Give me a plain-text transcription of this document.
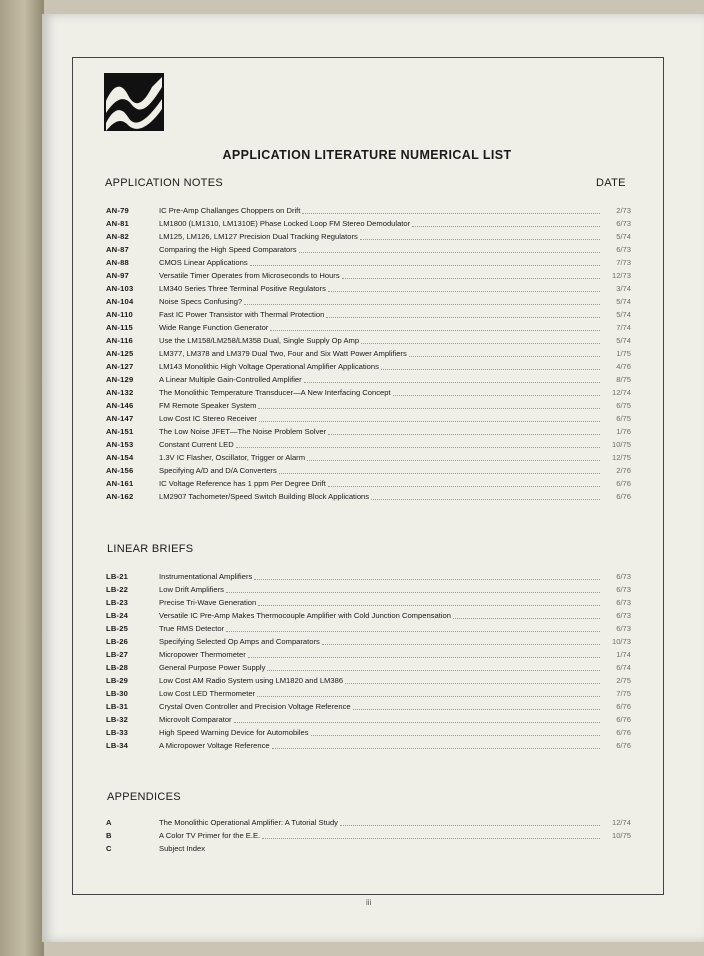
APPLICATION LITERATURE NUMERICAL LIST
APPLICATION NOTES	DATE
AN-79	IC Pre-Amp Challanges Choppers on Drift	2/73
AN-81	LM1800 (LM1310, LM1310E) Phase Locked Loop FM Stereo Demodulator	6/73
AN-82	LM125, LM126, LM127 Precision Dual Tracking Regulators	5/74
AN-87	Comparing the High Speed Comparators	6/73
AN-88	CMOS Linear Applications	7/73
AN-97	Versatile Timer Operates from Microseconds to Hours	12/73
AN-103	LM340 Series Three Terminal Positive Regulators	3/74
AN-104	Noise Specs Confusing?	5/74
AN-110	Fast IC Power Transistor with Thermal Protection	5/74
AN-115	Wide Range Function Generator	7/74
AN-116	Use the LM158/LM258/LM358 Dual, Single Supply Op Amp	5/74
AN-125	LM377, LM378 and LM379 Dual Two, Four and Six Watt Power Amplifiers	1/75
AN-127	LM143 Monolithic High Voltage Operational Amplifier Applications	4/76
AN-129	A Linear Multiple Gain-Controlled Amplifier	8/75
AN-132	The Monolithic Temperature Transducer—A New Interfacing Concept	12/74
AN-146	FM Remote Speaker System	6/75
AN-147	Low Cost IC Stereo Receiver	6/75
AN-151	The Low Noise JFET—The Noise Problem Solver	1/76
AN-153	Constant Current LED	10/75
AN-154	1.3V IC Flasher, Oscillator, Trigger or Alarm	12/75
AN-156	Specifying A/D and D/A Converters	2/76
AN-161	IC Voltage Reference has 1 ppm Per Degree Drift	6/76
AN-162	LM2907 Tachometer/Speed Switch Building Block Applications	6/76
LINEAR BRIEFS
LB-21	Instrumentational Amplifiers	6/73
LB-22	Low Drift Amplifiers	6/73
LB-23	Precise Tri-Wave Generation	6/73
LB-24	Versatile IC Pre-Amp Makes Thermocouple Amplifier with Cold Junction Compensation	6/73
LB-25	True RMS Detector	6/73
LB-26	Specifying Selected Op Amps and Comparators	10/73
LB-27	Micropower Thermometer	1/74
LB-28	General Purpose Power Supply	6/74
LB-29	Low Cost AM Radio System using LM1820 and LM386	2/75
LB-30	Low Cost LED Thermometer	7/75
LB-31	Crystal Oven Controller and Precision Voltage Reference	6/76
LB-32	Microvolt Comparator	6/76
LB-33	High Speed Warning Device for Automobiles	6/76
LB-34	A Micropower Voltage Reference	6/76
APPENDICES
A	The Monolithic Operational Amplifier: A Tutorial Study	12/74
B	A Color TV Primer for the E.E.	10/75
C	Subject Index
iii
